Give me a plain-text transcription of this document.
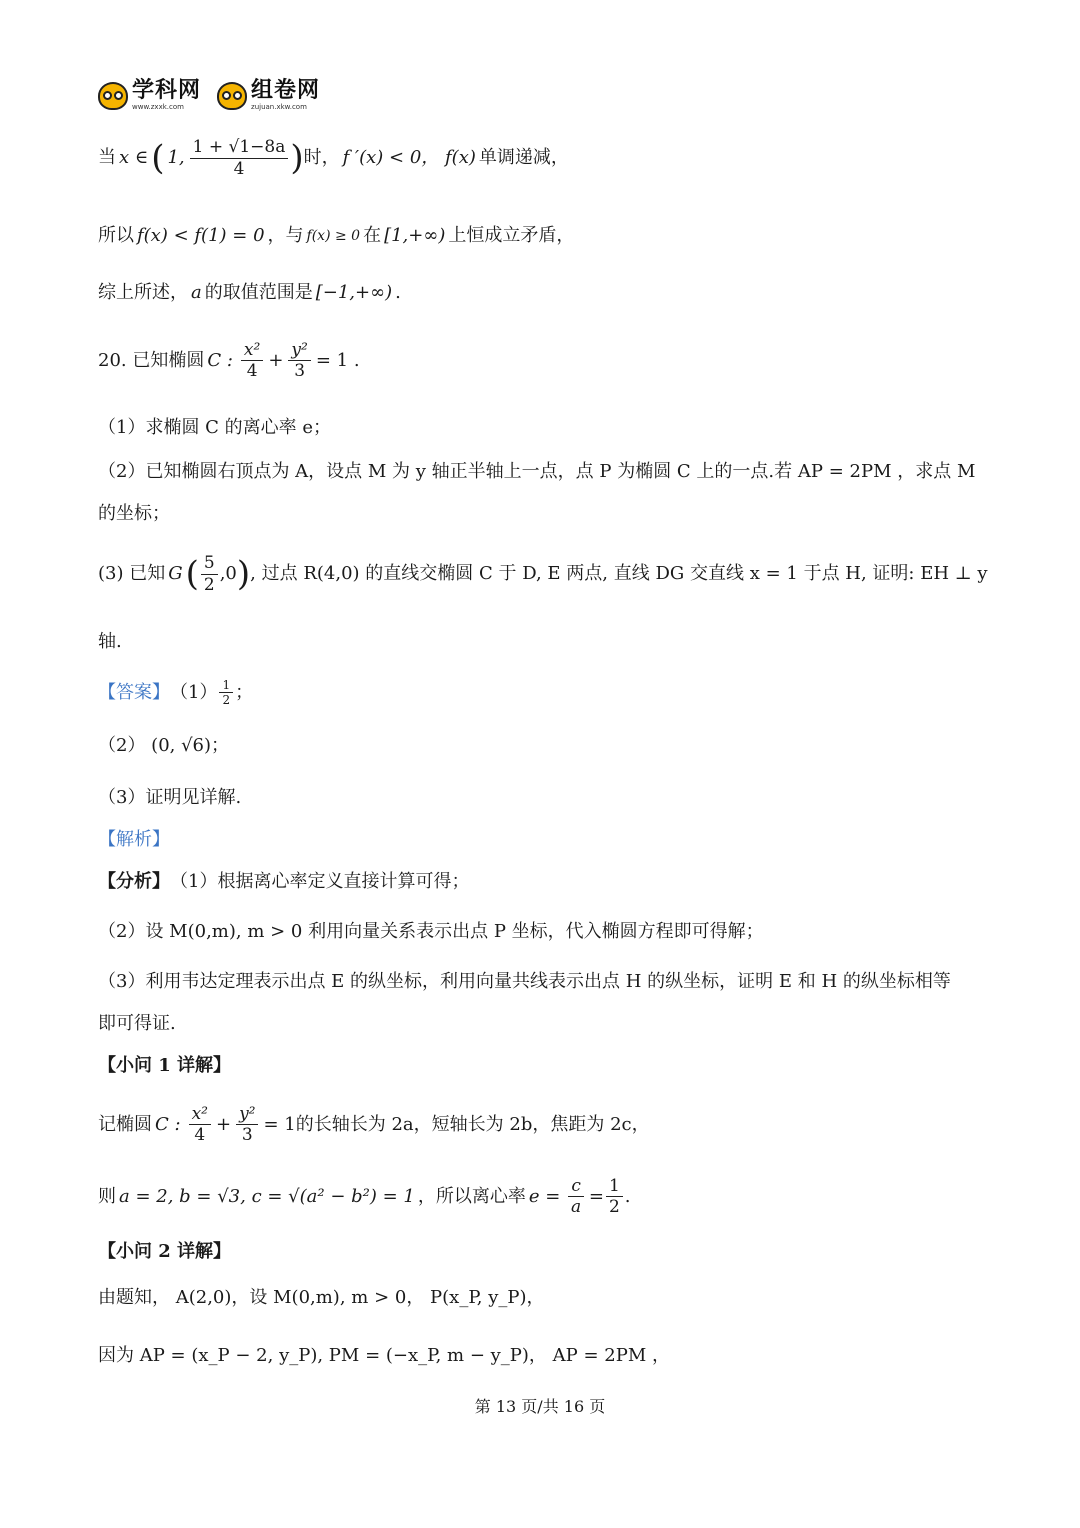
学科网
www.zxxk.com
组卷网
zujuan.xkw.com
当 x ∈ ( 1, $\frac{1 + √1-8a}{4}$ ) 时， f ′(x) < 0， f(x) 单调递减，
所以 f(x) < f(1) = 0 ，与 f(x) ≥ 0 在 [1,+∞) 上恒成立矛盾，
综上所述， a 的取值范围是 [−1,+∞) .
20. 已知椭圆 C : $\frac{\text{x²}}{4} + \frac{\text{y²}}{3} = 1$ .
（1）求椭圆 C 的离心率 e；
（2）已知椭圆右顶点为 A，设点 M 为 y 轴正半轴上一点，点 P 为椭圆 C 上的一点.若 AP = 2PM ，求点 M
的坐标；
(3) 已知 G ( $\frac{5}{2} ,0$ ) , 过点 R(4,0) 的直线交椭圆 C 于 D, E 两点, 直线 DG 交直线 x = 1 于点 H, 证明: EH ⊥ y
轴.
【答案】 $(1) \frac{1}{2}$ ；
（2） (0, √6)；
（3）证明见详解.
【解析】
【分析】 （1）根据离心率定义直接计算可得；
（2）设 M(0,m), m > 0 利用向量关系表示出点 P 坐标，代入椭圆方程即可得解；
（3）利用韦达定理表示出点 E 的纵坐标，利用向量共线表示出点 H 的纵坐标，证明 E 和 H 的纵坐标相等
即可得证.
【小问 1 详解】
记椭圆 C : $\frac{\text{x²}}{4} + \frac{\text{y²}}{3} = 1$ 的长轴长为 2a，短轴长为 2b，焦距为 2c，
则 a = 2, b = √3, c = √(a² − b²) = 1 ，所以离心率 $e = \frac{c}{a} = \frac{1}{2}$ .
【小问 2 详解】
由题知， A(2,0)，设 M(0,m), m > 0， P(x_P, y_P)，
因为 AP = (x_P − 2, y_P), PM = (−x_P, m − y_P)， AP = 2PM ，
第 13 页/共 16 页
